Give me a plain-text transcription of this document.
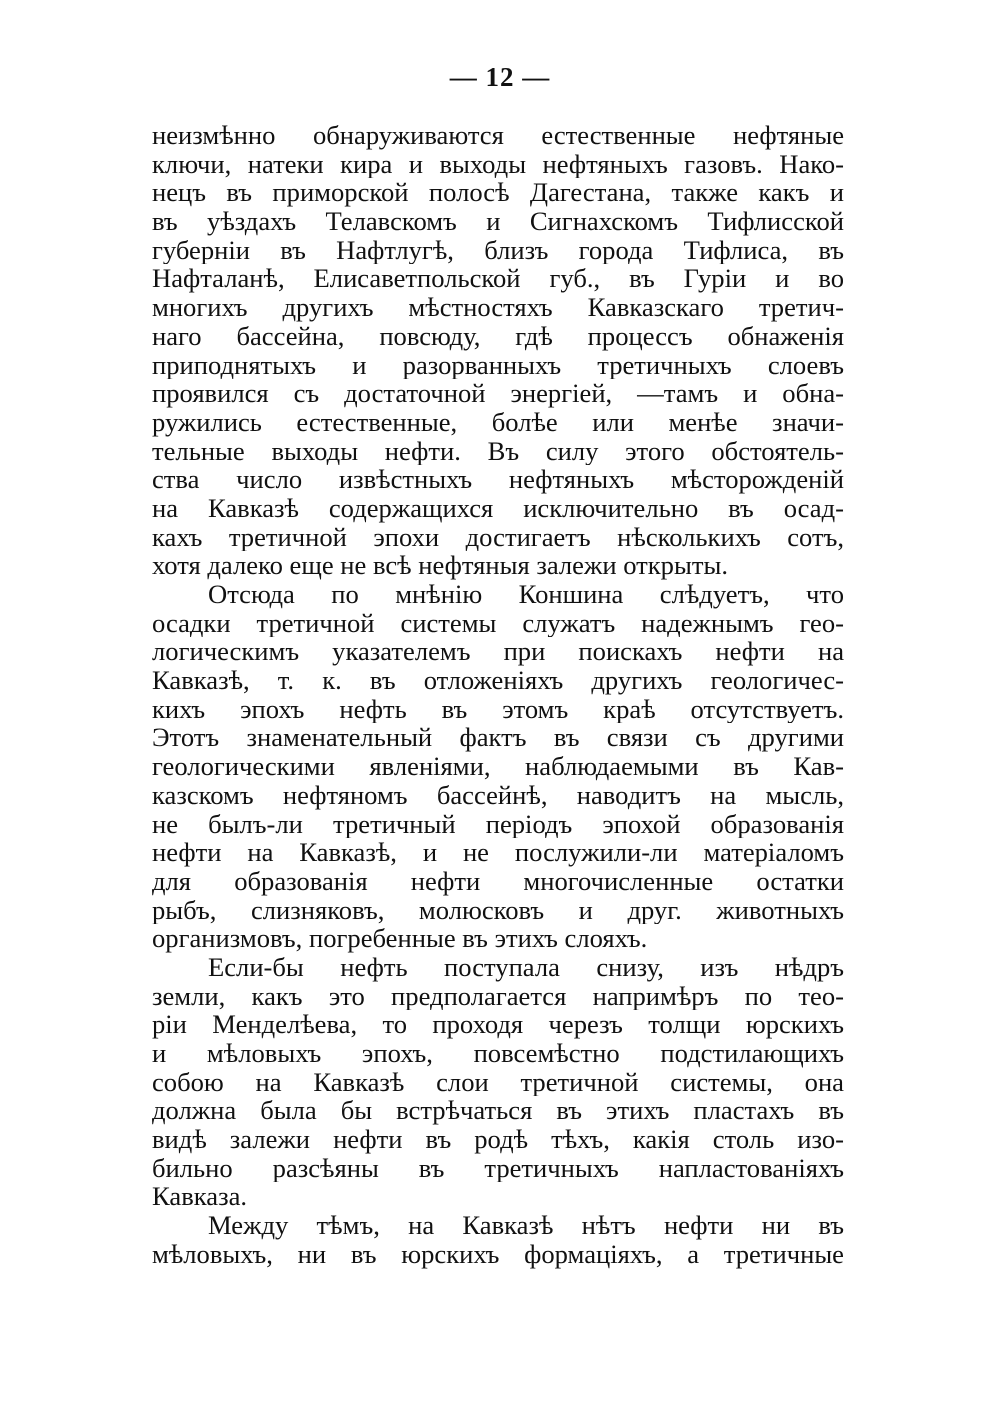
— 12 —
неизмѣнно обнаруживаются естественные нефтяные
ключи, натеки кира и выходы нефтяныхъ газовъ. Нако-
нецъ въ приморской полосѣ Дагестана, также какъ и
въ уѣздахъ Телавскомъ и Сигнахскомъ Тифлисской
губерніи въ Нафтлугѣ, близъ города Тифлиса, въ
Нафталанѣ, Елисаветпольской губ., въ Гуріи и во
многихъ другихъ мѣстностяхъ Кавказскаго третич-
наго бассейна, повсюду, гдѣ процессъ обнаженія
приподнятыхъ и разорванныхъ третичныхъ слоевъ
проявился съ достаточной энергіей, —тамъ и обна-
ружились естественные, болѣе или менѣе значи-
тельные выходы нефти. Въ силу этого обстоятель-
ства число извѣстныхъ нефтяныхъ мѣсторожденій
на Кавказѣ содержащихся исключительно въ осад-
кахъ третичной эпохи достигаетъ нѣсколькихъ сотъ,
хотя далеко еще не всѣ нефтяныя залежи открыты.
Отсюда по мнѣнію Коншина слѣдуетъ, что
осадки третичной системы служатъ надежнымъ гео-
логическимъ указателемъ при поискахъ нефти на
Кавказѣ, т. к. въ отложеніяхъ другихъ геологичес-
кихъ эпохъ нефть въ этомъ краѣ отсутствуетъ.
Этотъ знаменательный фактъ въ связи съ другими
геологическими явленіями, наблюдаемыми въ Кав-
казскомъ нефтяномъ бассейнѣ, наводитъ на мысль,
не былъ-ли третичный періодъ эпохой образованія
нефти на Кавказѣ, и не послужили-ли матеріаломъ
для образованія нефти многочисленные остатки
рыбъ, слизняковъ, молюсковъ и друг. животныхъ
организмовъ, погребенные въ этихъ слояхъ.
Если-бы нефть поступала снизу, изъ нѣдръ
земли, какъ это предполагается напримѣръ по тео-
ріи Менделѣева, то проходя черезъ толщи юрскихъ
и мѣловыхъ эпохъ, повсемѣстно подстилающихъ
собою на Кавказѣ слои третичной системы, она
должна была бы встрѣчаться въ этихъ пластахъ въ
видѣ залежи нефти въ родѣ тѣхъ, какія столь изо-
бильно разсѣяны въ третичныхъ напластованіяхъ
Кавказа.
Между тѣмъ, на Кавказѣ нѣтъ нефти ни въ
мѣловыхъ, ни въ юрскихъ формаціяхъ, а третичные
